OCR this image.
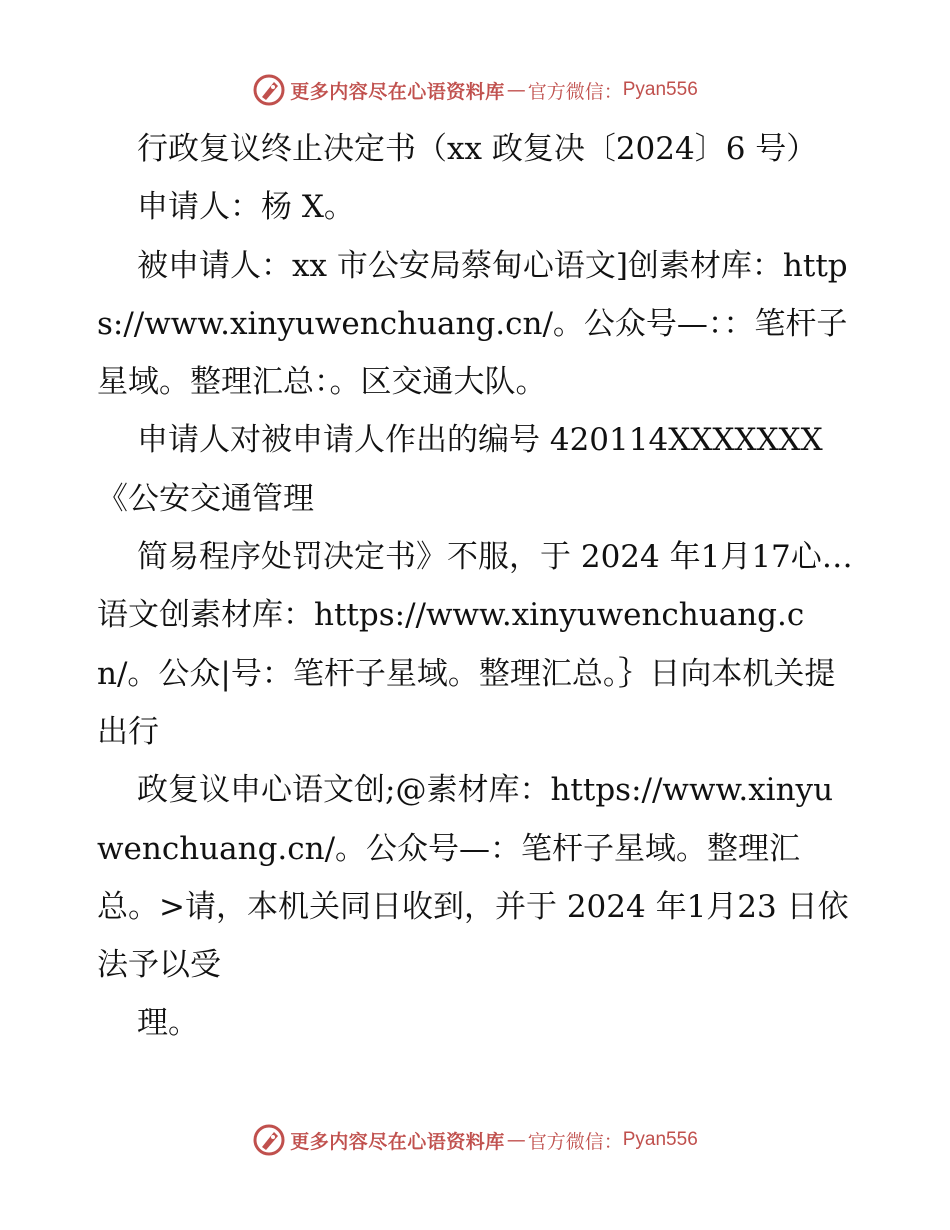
更多内容尽在心语资料库 — 官方微信： Pyan556

行政复议终止决定书（xx 政复决〔2024〕6 号）

申请人：杨 X。

被申请人：xx 市公安局蔡甸心语文]创素材库：https://www.xinyuwenchuang.cn/。公众号—：：笔杆子星域。整理汇总：。区交通大队。

申请人对被申请人作出的编号 420114XXXXXXX《公安交通管理

简易程序处罚决定书》不服，于 2024 年1月17心…语文创素材库：https://www.xinyuwenchuang.cn/。公众|号：笔杆子星域。整理汇总。｝日向本机关提出行

政复议申心语文创;@素材库：https://www.xinyuwenchuang.cn/。公众号—：笔杆子星域。整理汇总。>请，本机关同日收到，并于 2024 年1月23 日依法予以受

理。

更多内容尽在心语资料库 — 官方微信： Pyan556
